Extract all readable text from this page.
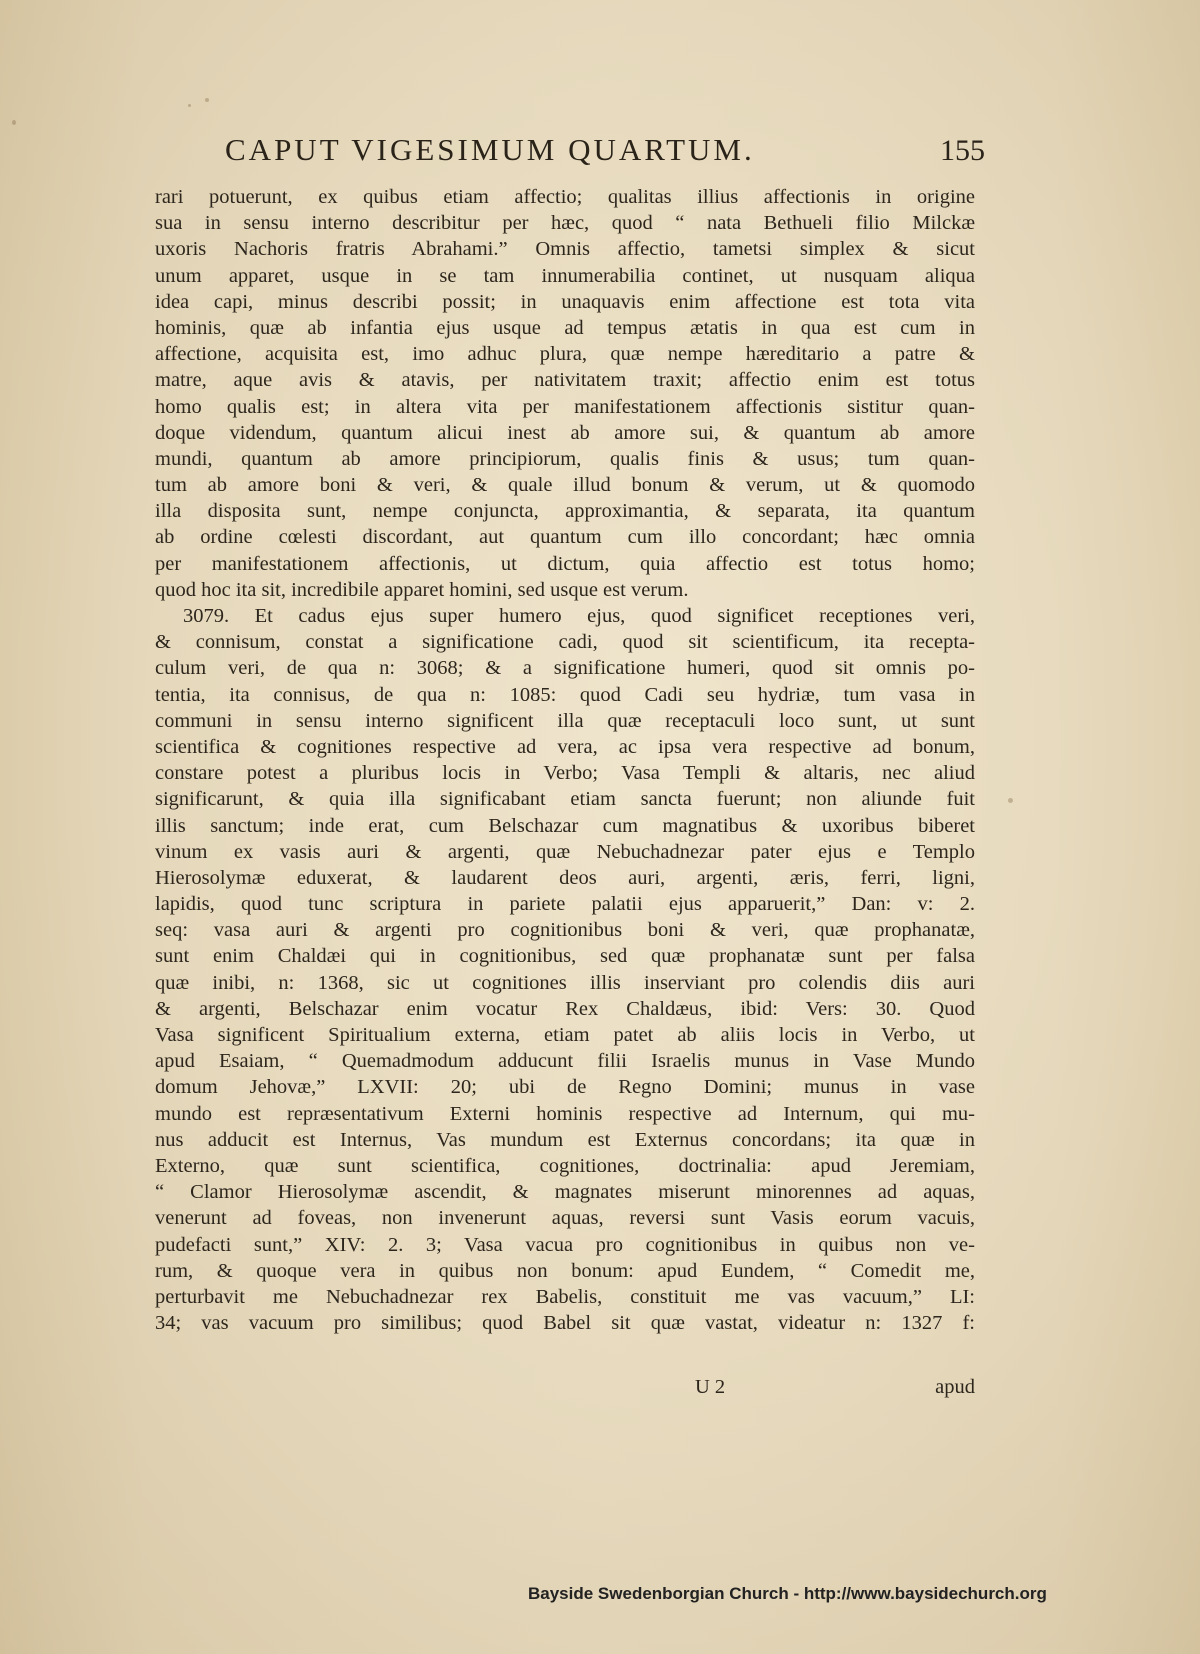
CAPUT VIGESIMUM QUARTUM.	155
rari potuerunt, ex quibus etiam affectio; qualitas illius affectionis in origine
sua in sensu interno describitur per hæc, quod “ nata Bethueli filio Milckæ
uxoris Nachoris fratris Abrahami.” Omnis affectio, tametsi simplex & sicut
unum apparet, usque in se tam innumerabilia continet, ut nusquam aliqua
idea capi, minus describi possit; in unaquavis enim affectione est tota vita
hominis, quæ ab infantia ejus usque ad tempus ætatis in qua est cum in
affectione, acquisita est, imo adhuc plura, quæ nempe hæreditario a patre &
matre, aque avis & atavis, per nativitatem traxit; affectio enim est totus
homo qualis est; in altera vita per manifestationem affectionis sistitur quan-
doque videndum, quantum alicui inest ab amore sui, & quantum ab amore
mundi, quantum ab amore principiorum, qualis finis & usus; tum quan-
tum ab amore boni & veri, & quale illud bonum & verum, ut & quomodo
illa disposita sunt, nempe conjuncta, approximantia, & separata, ita quantum
ab ordine cœlesti discordant, aut quantum cum illo concordant; hæc omnia
per manifestationem affectionis, ut dictum, quia affectio est totus homo;
quod hoc ita sit, incredibile apparet homini, sed usque est verum.
3079. Et cadus ejus super humero ejus, quod significet receptiones veri,
& connisum, constat a significatione cadi, quod sit scientificum, ita recepta-
culum veri, de qua n: 3068; & a significatione humeri, quod sit omnis po-
tentia, ita connisus, de qua n: 1085: quod Cadi seu hydriæ, tum vasa in
communi in sensu interno significent illa quæ receptaculi loco sunt, ut sunt
scientifica & cognitiones respective ad vera, ac ipsa vera respective ad bonum,
constare potest a pluribus locis in Verbo; Vasa Templi & altaris, nec aliud
significarunt, & quia illa significabant etiam sancta fuerunt; non aliunde fuit
illis sanctum; inde erat, cum Belschazar cum magnatibus & uxoribus biberet
vinum ex vasis auri & argenti, quæ Nebuchadnezar pater ejus e Templo
Hierosolymæ eduxerat, & laudarent deos auri, argenti, æris, ferri, ligni,
lapidis, quod tunc scriptura in pariete palatii ejus apparuerit,” Dan: v: 2.
seq: vasa auri & argenti pro cognitionibus boni & veri, quæ prophanatæ,
sunt enim Chaldæi qui in cognitionibus, sed quæ prophanatæ sunt per falsa
quæ inibi, n: 1368, sic ut cognitiones illis inserviant pro colendis diis auri
& argenti, Belschazar enim vocatur Rex Chaldæus, ibid: Vers: 30. Quod
Vasa significent Spiritualium externa, etiam patet ab aliis locis in Verbo, ut
apud Esaiam, “ Quemadmodum adducunt filii Israelis munus in Vase Mundo
domum Jehovæ,” LXVII: 20; ubi de Regno Domini; munus in vase
mundo est repræsentativum Externi hominis respective ad Internum, qui mu-
nus adducit est Internus, Vas mundum est Externus concordans; ita quæ in
Externo, quæ sunt scientifica, cognitiones, doctrinalia: apud Jeremiam,
“ Clamor Hierosolymæ ascendit, & magnates miserunt minorennes ad aquas,
venerunt ad foveas, non invenerunt aquas, reversi sunt Vasis eorum vacuis,
pudefacti sunt,” XIV: 2. 3; Vasa vacua pro cognitionibus in quibus non ve-
rum, & quoque vera in quibus non bonum: apud Eundem, “ Comedit me,
perturbavit me Nebuchadnezar rex Babelis, constituit me vas vacuum,” LI:
34; vas vacuum pro similibus; quod Babel sit quæ vastat, videatur n: 1327 f:
U 2	apud
Bayside Swedenborgian Church - http://www.baysidechurch.org
